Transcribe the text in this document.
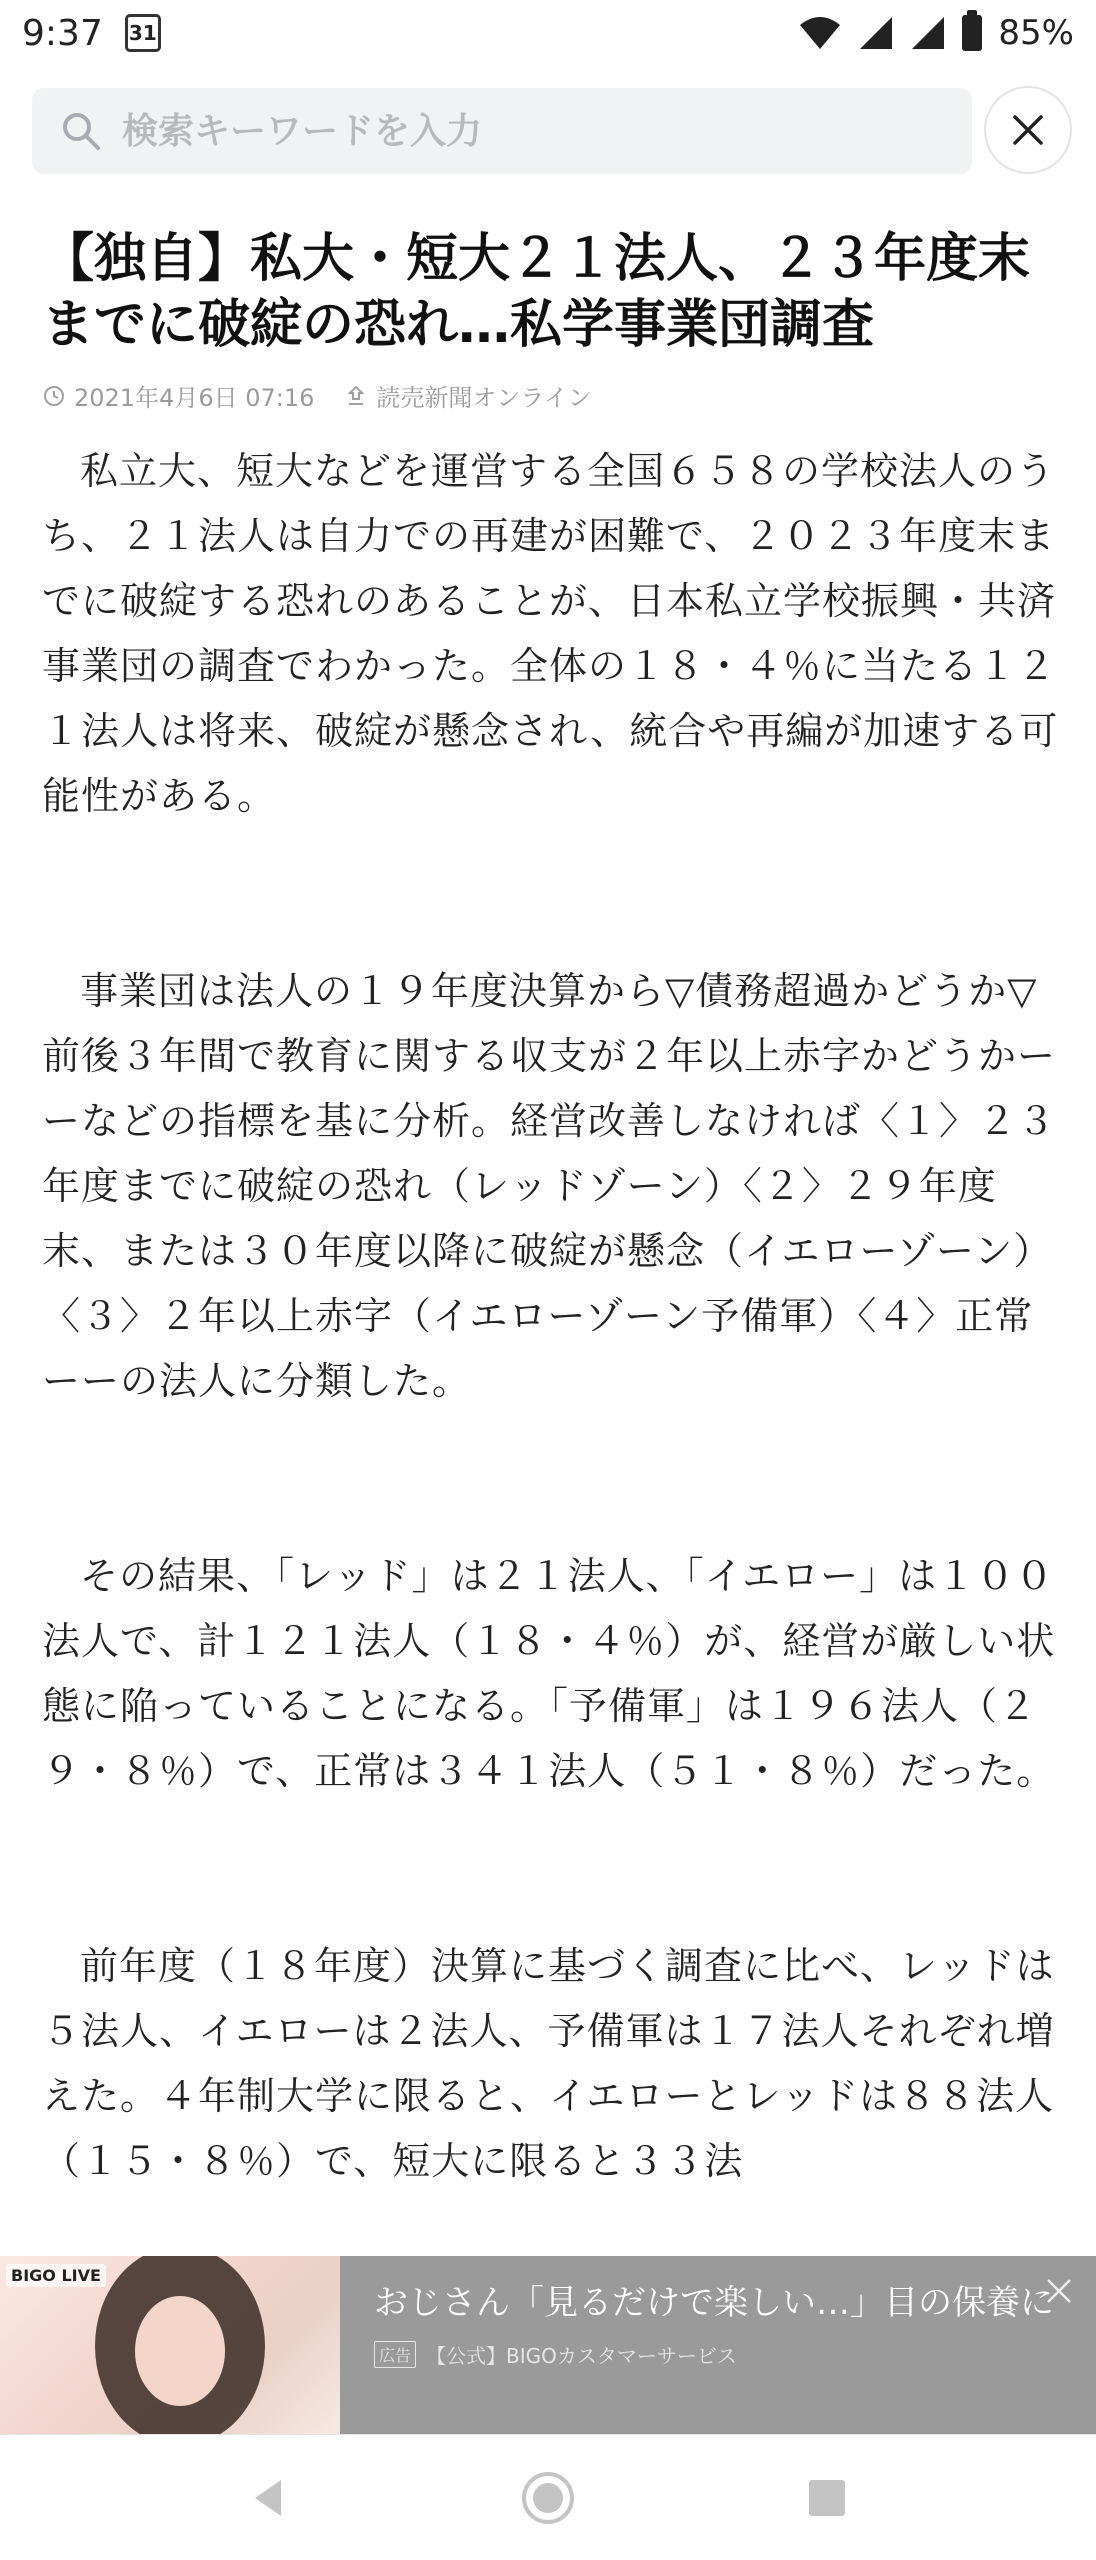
9:37 31	85%
検索キーワードを入力
【独自】私大・短大２１法人、２３年度末までに破綻の恐れ…私学事業団調査
2021年4月6日 07:16	読売新聞オンライン

私立大、短大などを運営する全国６５８の学校法人のうち、２１法人は自力での再建が困難で、２０２３年度末までに破綻する恐れのあることが、日本私立学校振興・共済事業団の調査でわかった。全体の１８・４％に当たる１２１法人は将来、破綻が懸念され、統合や再編が加速する可能性がある。

事業団は法人の１９年度決算から▽債務超過かどうか▽前後３年間で教育に関する収支が２年以上赤字かどうかーーなどの指標を基に分析。経営改善しなければ〈１〉２３年度までに破綻の恐れ（レッドゾーン）〈２〉２９年度末、または３０年度以降に破綻が懸念（イエローゾーン）〈３〉２年以上赤字（イエローゾーン予備軍）〈４〉正常ーーの法人に分類した。

その結果、「レッド」は２１法人、「イエロー」は１００法人で、計１２１法人（１８・４％）が、経営が厳しい状態に陥っていることになる。「予備軍」は１９６法人（２９・８％）で、正常は３４１法人（５１・８％）だった。

前年度（１８年度）決算に基づく調査に比べ、レッドは５法人、イエローは２法人、予備軍は１７法人それぞれ増えた。４年制大学に限ると、イエローとレッドは８８法人（１５・８％）で、短大に限ると３３法

BIGO LIVE
おじさん「見るだけで楽しい…」目の保養に
広告 【公式】BIGOカスタマーサービス
